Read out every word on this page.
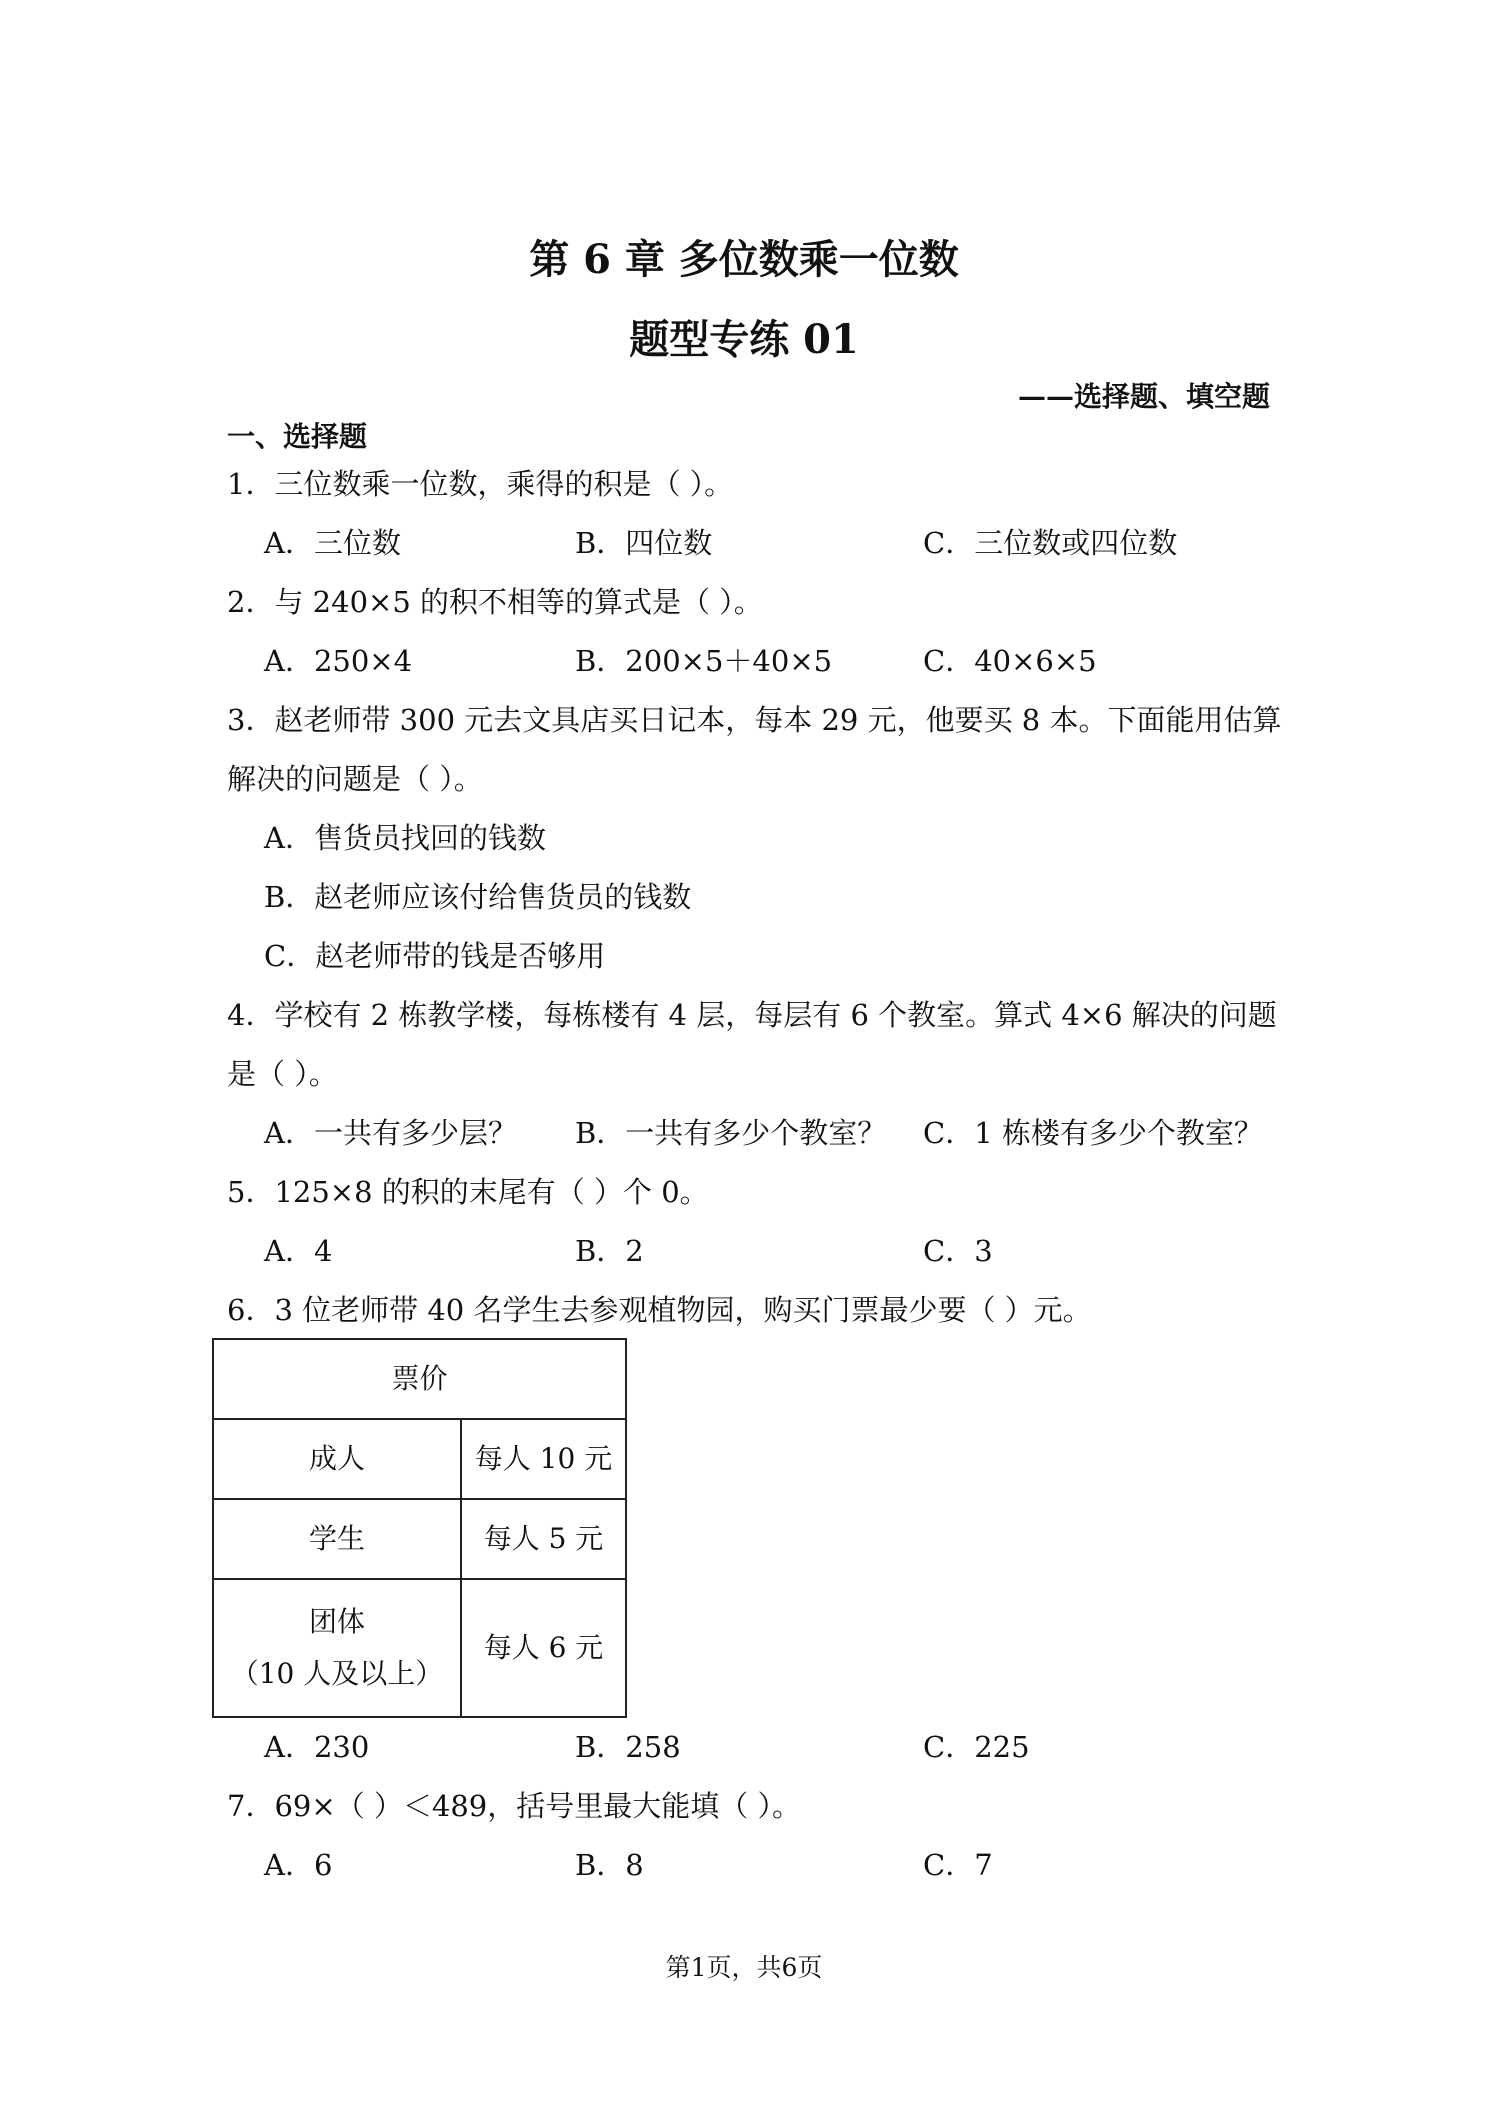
第 6 章 多位数乘一位数
题型专练 01
——选择题、填空题
一、选择题
1．三位数乘一位数，乘得的积是（ ）。
A．三位数	B．四位数	C．三位数或四位数
2．与 240×5 的积不相等的算式是（ ）。
A．250×4	B．200×5＋40×5	C．40×6×5
3．赵老师带 300 元去文具店买日记本，每本 29 元，他要买 8 本。下面能用估算
解决的问题是（ ）。
A．售货员找回的钱数
B．赵老师应该付给售货员的钱数
C．赵老师带的钱是否够用
4．学校有 2 栋教学楼，每栋楼有 4 层，每层有 6 个教室。算式 4×6 解决的问题
是（ ）。
A．一共有多少层？ B．一共有多少个教室？ C．1 栋楼有多少个教室？
5．125×8 的积的末尾有（ ）个 0。
A．4	B．2	C．3
6．3 位老师带 40 名学生去参观植物园，购买门票最少要（ ）元。
票价	
成人	每人 10 元
学生	每人 5 元

团体
（10 人及以上）	每人 6 元
A．230	B．258	C．225
7．69×（ ）＜489，括号里最大能填（ ）。
A．6	B．8	C．7
第1页，共6页
